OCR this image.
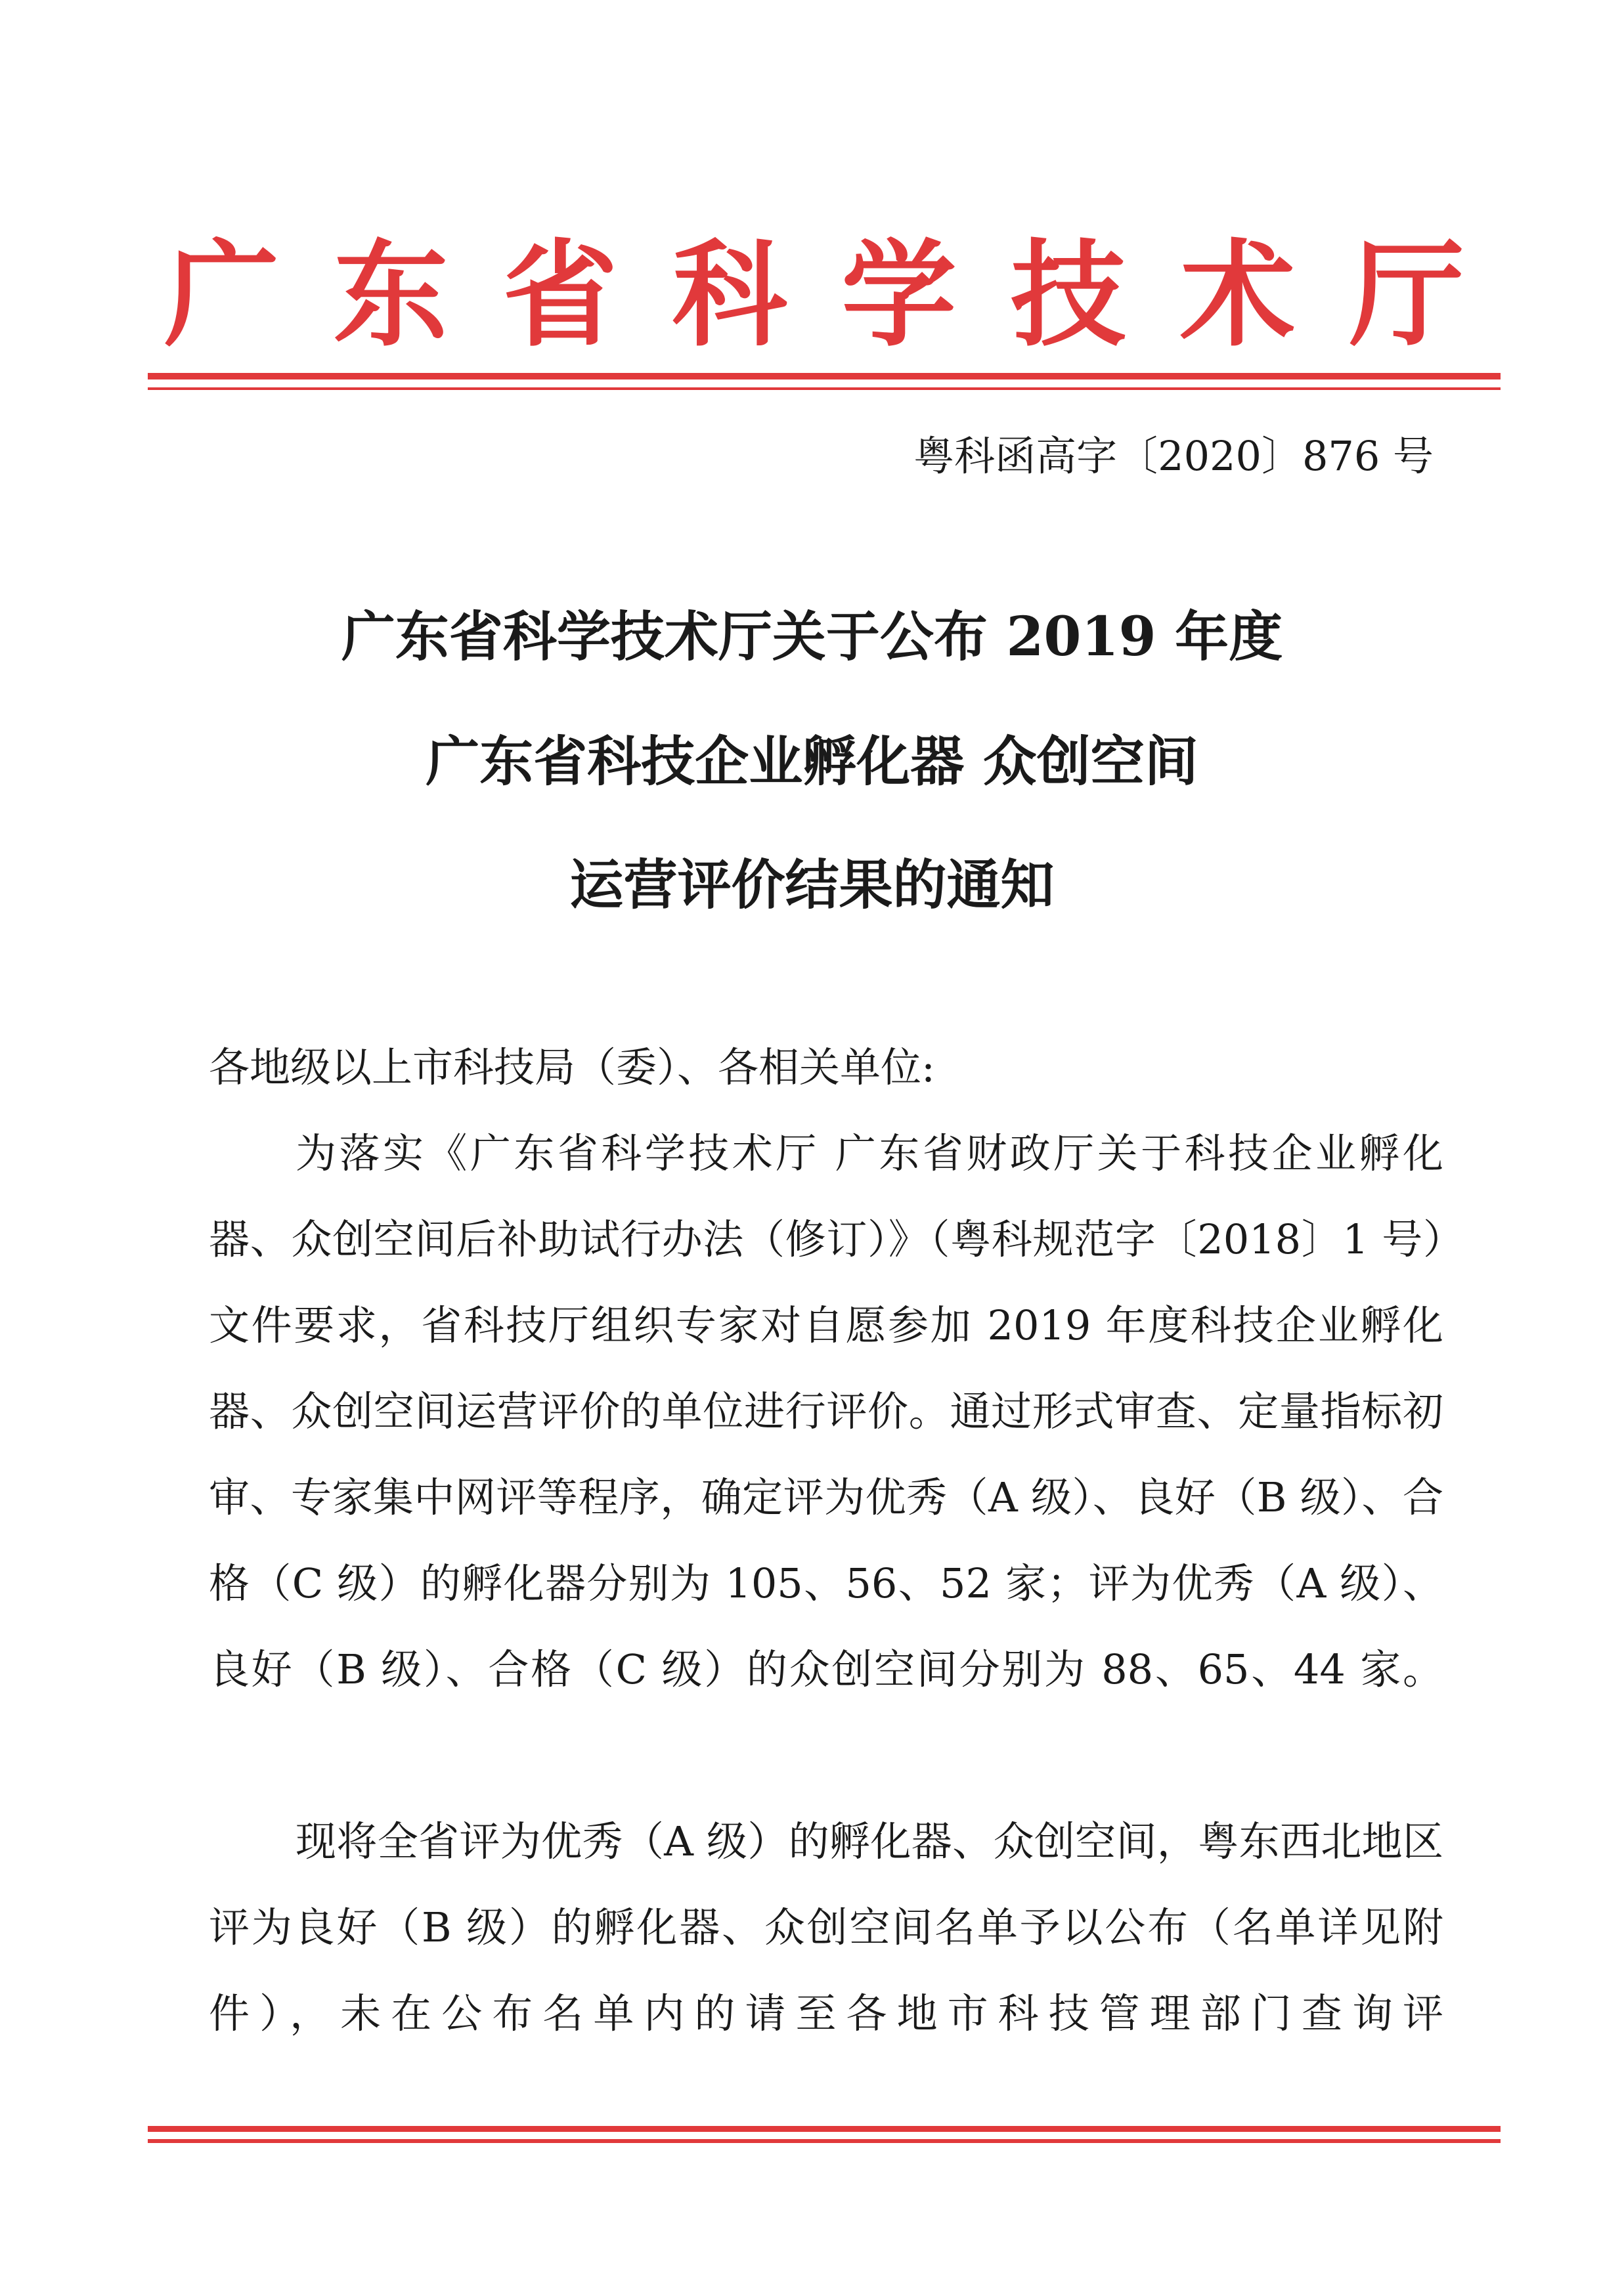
广 东 省 科 学 技 术 厅
粤科函高字〔2020〕876 号
广东省科学技术厅关于公布 2019 年度
广东省科技企业孵化器 众创空间
运营评价结果的通知
各地级以上市科技局（委）、各相关单位:
为落实《广东省科学技术厅 广东省财政厅关于科技企业孵化器、众创空间后补助试行办法（修订）》（粤科规范字〔2018〕1 号）文件要求，省科技厅组织专家对自愿参加 2019 年度科技企业孵化器、众创空间运营评价的单位进行评价。通过形式审查、定量指标初审、专家集中网评等程序，确定评为优秀（A 级）、良好（B 级）、合格（C 级）的孵化器分别为 105、56、52 家；评为优秀（A 级）、良好（B 级）、合格（C 级）的众创空间分别为 88、65、44 家。
现将全省评为优秀（A 级）的孵化器、众创空间，粤东西北地区评为良好（B 级）的孵化器、众创空间名单予以公布（名单详见附件），未在公布名单内的请至各地市科技管理部门查询评
